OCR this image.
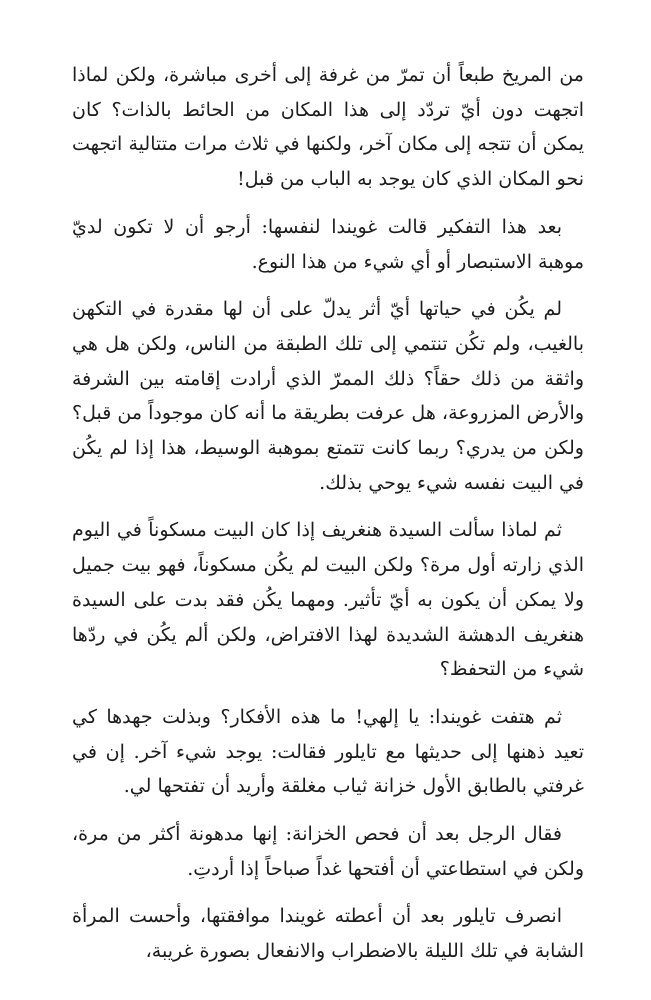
من المريخ طبعاً أن تمرّ من غرفة إلى أخرى مباشرة، ولكن لماذا اتجهت دون أيّ تردّد إلى هذا المكان من الحائط بالذات؟ كان يمكن أن تتجه إلى مكان آخر، ولكنها في ثلاث مرات متتالية اتجهت نحو المكان الذي كان يوجد به الباب من قبل!

بعد هذا التفكير قالت غويندا لنفسها: أرجو أن لا تكون لديّ موهبة الاستبصار أو أي شيء من هذا النوع.

لم يكُن في حياتها أيّ أثر يدلّ على أن لها مقدرة في التكهن بالغيب، ولم تكُن تنتمي إلى تلك الطبقة من الناس، ولكن هل هي واثقة من ذلك حقاً؟ ذلك الممرّ الذي أرادت إقامته بين الشرفة والأرض المزروعة، هل عرفت بطريقة ما أنه كان موجوداً من قبل؟ ولكن من يدري؟ ربما كانت تتمتع بموهبة الوسيط، هذا إذا لم يكُن في البيت نفسه شيء يوحي بذلك.

ثم لماذا سألت السيدة هنغريف إذا كان البيت مسكوناً في اليوم الذي زارته أول مرة؟ ولكن البيت لم يكُن مسكوناً، فهو بيت جميل ولا يمكن أن يكون به أيّ تأثير. ومهما يكُن فقد بدت على السيدة هنغريف الدهشة الشديدة لهذا الافتراض، ولكن ألم يكُن في ردّها شيء من التحفظ؟

ثم هتفت غويندا: يا إلهي! ما هذه الأفكار؟ وبذلت جهدها كي تعيد ذهنها إلى حديثها مع تايلور فقالت: يوجد شيء آخر. إن في غرفتي بالطابق الأول خزانة ثياب مغلقة وأريد أن تفتحها لي.

فقال الرجل بعد أن فحص الخزانة: إنها مدهونة أكثر من مرة، ولكن في استطاعتي أن أفتحها غداً صباحاً إذا أردتِ.

انصرف تايلور بعد أن أعطته غويندا موافقتها، وأحست المرأة الشابة في تلك الليلة بالاضطراب والانفعال بصورة غريبة،
